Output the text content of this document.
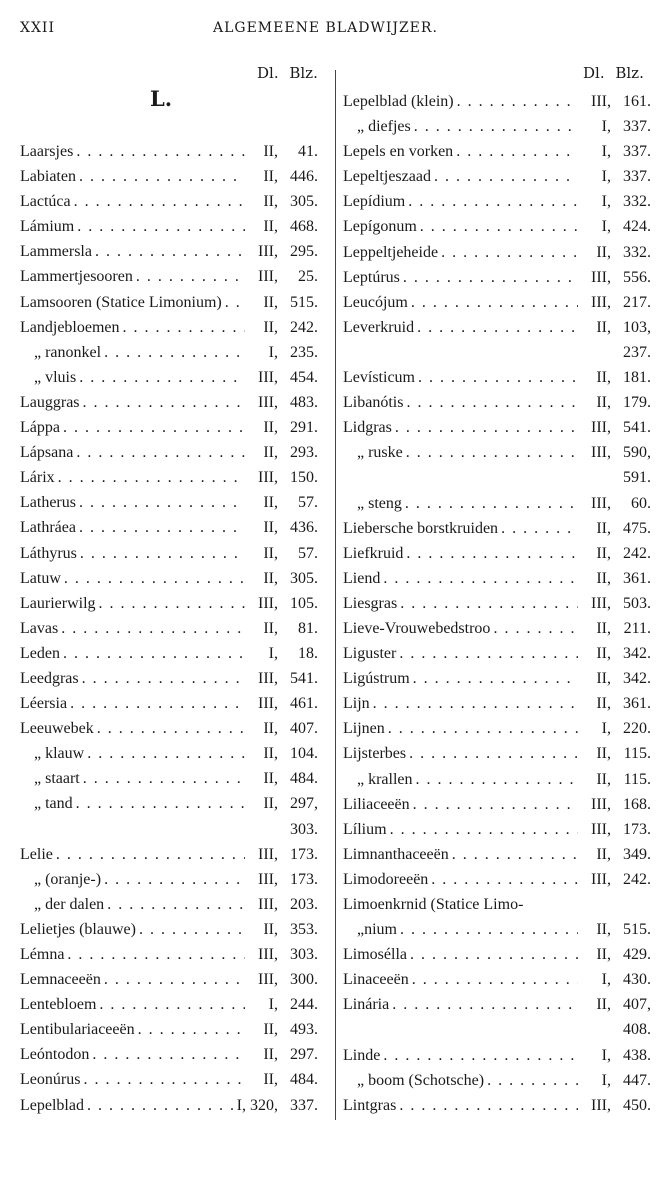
XXII	ALGEMEENE BLADWIJZER.
L.
Dl. Blz.	Dl. Blz.
Laarsjes . . .	II,	41.
Labiaten . . .	II, 446.
Lactúca . . .	II, 305.
Lámium . . .	II, 468.
Lammersla . . .	III, 295.
Lammertjesooren . . .	III,	25.
Lamsooren (Statice Limonium) . . .	II, 515.
Landjebloemen . . .	II, 242.
„ ranonkel . . .	I, 235.
„ vluis . . .	III, 454.
Lauggras . . .	III, 483.
Láppa . . .	II, 291.
Lápsana . . .	II, 293.
Lárix . . .	III, 150.
Latherus . . .	II,	57.
Lathráea . . .	II, 436.
Láthyrus . . .	II,	57.
Latuw . . .	II, 305.
Laurierwilg . . .	III, 105.
Lavas . . .	II,	81.
Leden . . .	I,	18.
Leedgras . . .	III, 541.
Léersia . . .	III, 461.
Leeuwebek . . .	II, 407.
„ klauw . . .	II, 104.
„ staart . . .	II, 484.
„ tand . . .	II, 297,
303.
Lelie . . .	III, 173.
„ (oranje-) . . .	III, 173.
„ der dalen . . .	III, 203.
Lelietjes (blauwe) . . .	II, 353.
Lémna . . .	III, 303.
Lemnaceeën . . .	III, 300.
Lentebloem . . .	I, 244.
Lentibulariaceeën . . .	II, 493.
Leóntodon . . .	II, 297.
Leonúrus . . .	II, 484.
Lepelblad . . .	I, 320, 337.
Lepelblad (klein) . . .	III, 161.
„ diefjes . . .	I, 337.
Lepels en vorken . . .	I, 337.
Lepeltjeszaad . . .	I, 337.
Lepídium . . .	I, 332.
Lepígonum . . .	I, 424.
Leppeltjeheide . . .	II, 332.
Leptúrus . . .	III, 556.
Leucójum . . .	III, 217.
Leverkruid . . .	II, 103,
237.
Levísticum . . .	II, 181.
Libanótis . . .	II, 179.
Lidgras . . .	III, 541.
„ ruske . . .	III, 590,
591.
„ steng . . .	III,	60.
Liebersche borstkruiden . . .	II, 475.
Liefkruid . . .	II, 242.
Liend . . .	II, 361.
Liesgras . . .	III, 503.
Lieve-Vrouwebedstroo . . .	II, 211.
Liguster . . .	II, 342.
Ligústrum . . .	II, 342.
Lijn . . .	II, 361.
Lijnen . . .	I, 220.
Lijsterbes . . .	II, 115.
„ krallen . . .	II, 115.
Liliaceeën . . .	III, 168.
Lílium . . .	III, 173.
Limnanthaceeën . . .	II, 349.
Limodoreeën . . .	III, 242.
Limoenkrnid (Statice Limo-
„nium . . .	II, 515.
Limosélla . . .	II, 429.
Linaceeën . . .	I, 430.
Linária . . .	II, 407,
408.
Linde . . .	I, 438.
„ boom (Schotsche) . . .	I, 447.
Lintgras . . .	III, 450.
